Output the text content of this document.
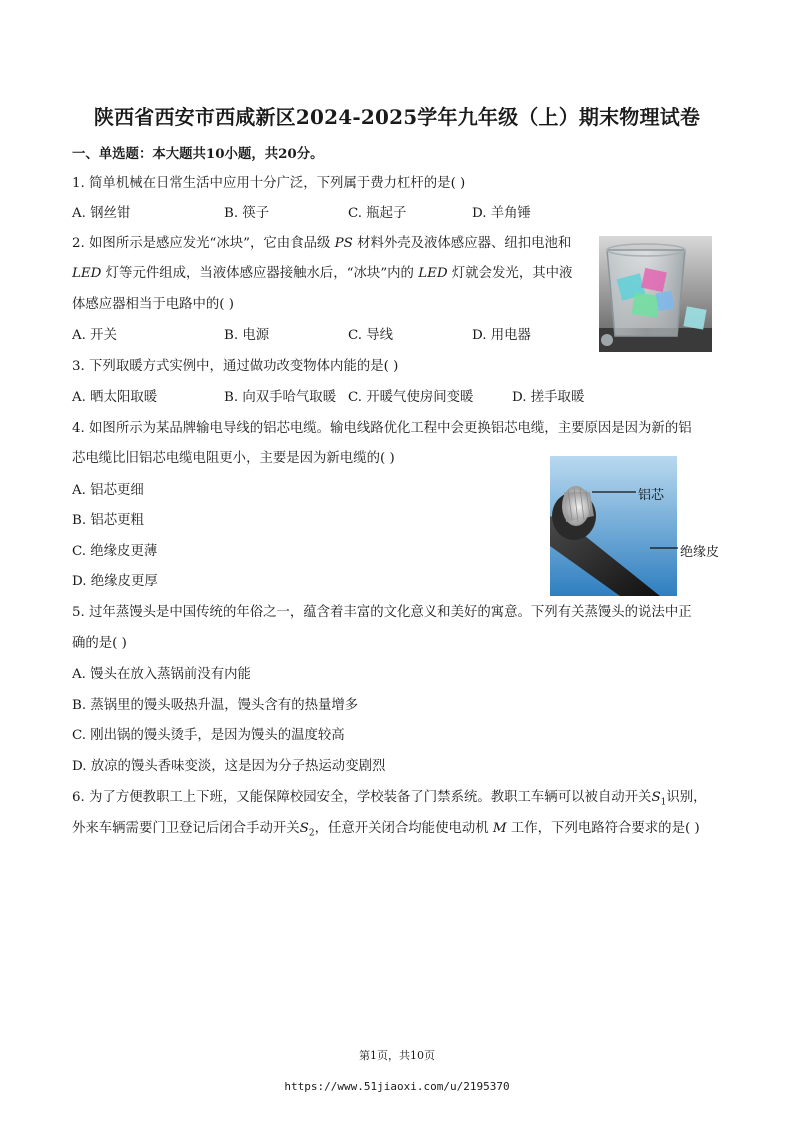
陕西省西安市西咸新区2024-2025学年九年级（上）期末物理试卷
一、单选题：本大题共10小题，共20分。
1. 简单机械在日常生活中应用十分广泛，下列属于费力杠杆的是( )
A. 钢丝钳	B. 筷子	C. 瓶起子	D. 羊角锤
2. 如图所示是感应发光“冰块”，它由食品级 PS 材料外壳及液体感应器、纽扣电池和
LED 灯等元件组成，当液体感应器接触水后，“冰块”内的 LED 灯就会发光，其中液
体感应器相当于电路中的( )
A. 开关	B. 电源	C. 导线	D. 用电器
3. 下列取暖方式实例中，通过做功改变物体内能的是( )
A. 晒太阳取暖	B. 向双手哈气取暖 C. 开暖气使房间变暖	D. 搓手取暖
4. 如图所示为某品牌输电导线的铝芯电缆。输电线路优化工程中会更换铝芯电缆，主要原因是因为新的铝
芯电缆比旧铝芯电缆电阻更小，主要是因为新电缆的( )
A. 铝芯更细
B. 铝芯更粗
C. 绝缘皮更薄
D. 绝缘皮更厚
铝芯
绝缘皮
5. 过年蒸馒头是中国传统的年俗之一，蕴含着丰富的文化意义和美好的寓意。下列有关蒸馒头的说法中正
确的是( )
A. 馒头在放入蒸锅前没有内能
B. 蒸锅里的馒头吸热升温，馒头含有的热量增多
C. 刚出锅的馒头烫手，是因为馒头的温度较高
D. 放凉的馒头香味变淡，这是因为分子热运动变剧烈
6. 为了方便教职工上下班，又能保障校园安全，学校装备了门禁系统。教职工车辆可以被自动开关$S_1$识别，
外来车辆需要门卫登记后闭合手动开关$S_2$，任意开关闭合均能使电动机 M 工作，下列电路符合要求的是( )
第1页，共10页
https://www.51jiaoxi.com/u/2195370
